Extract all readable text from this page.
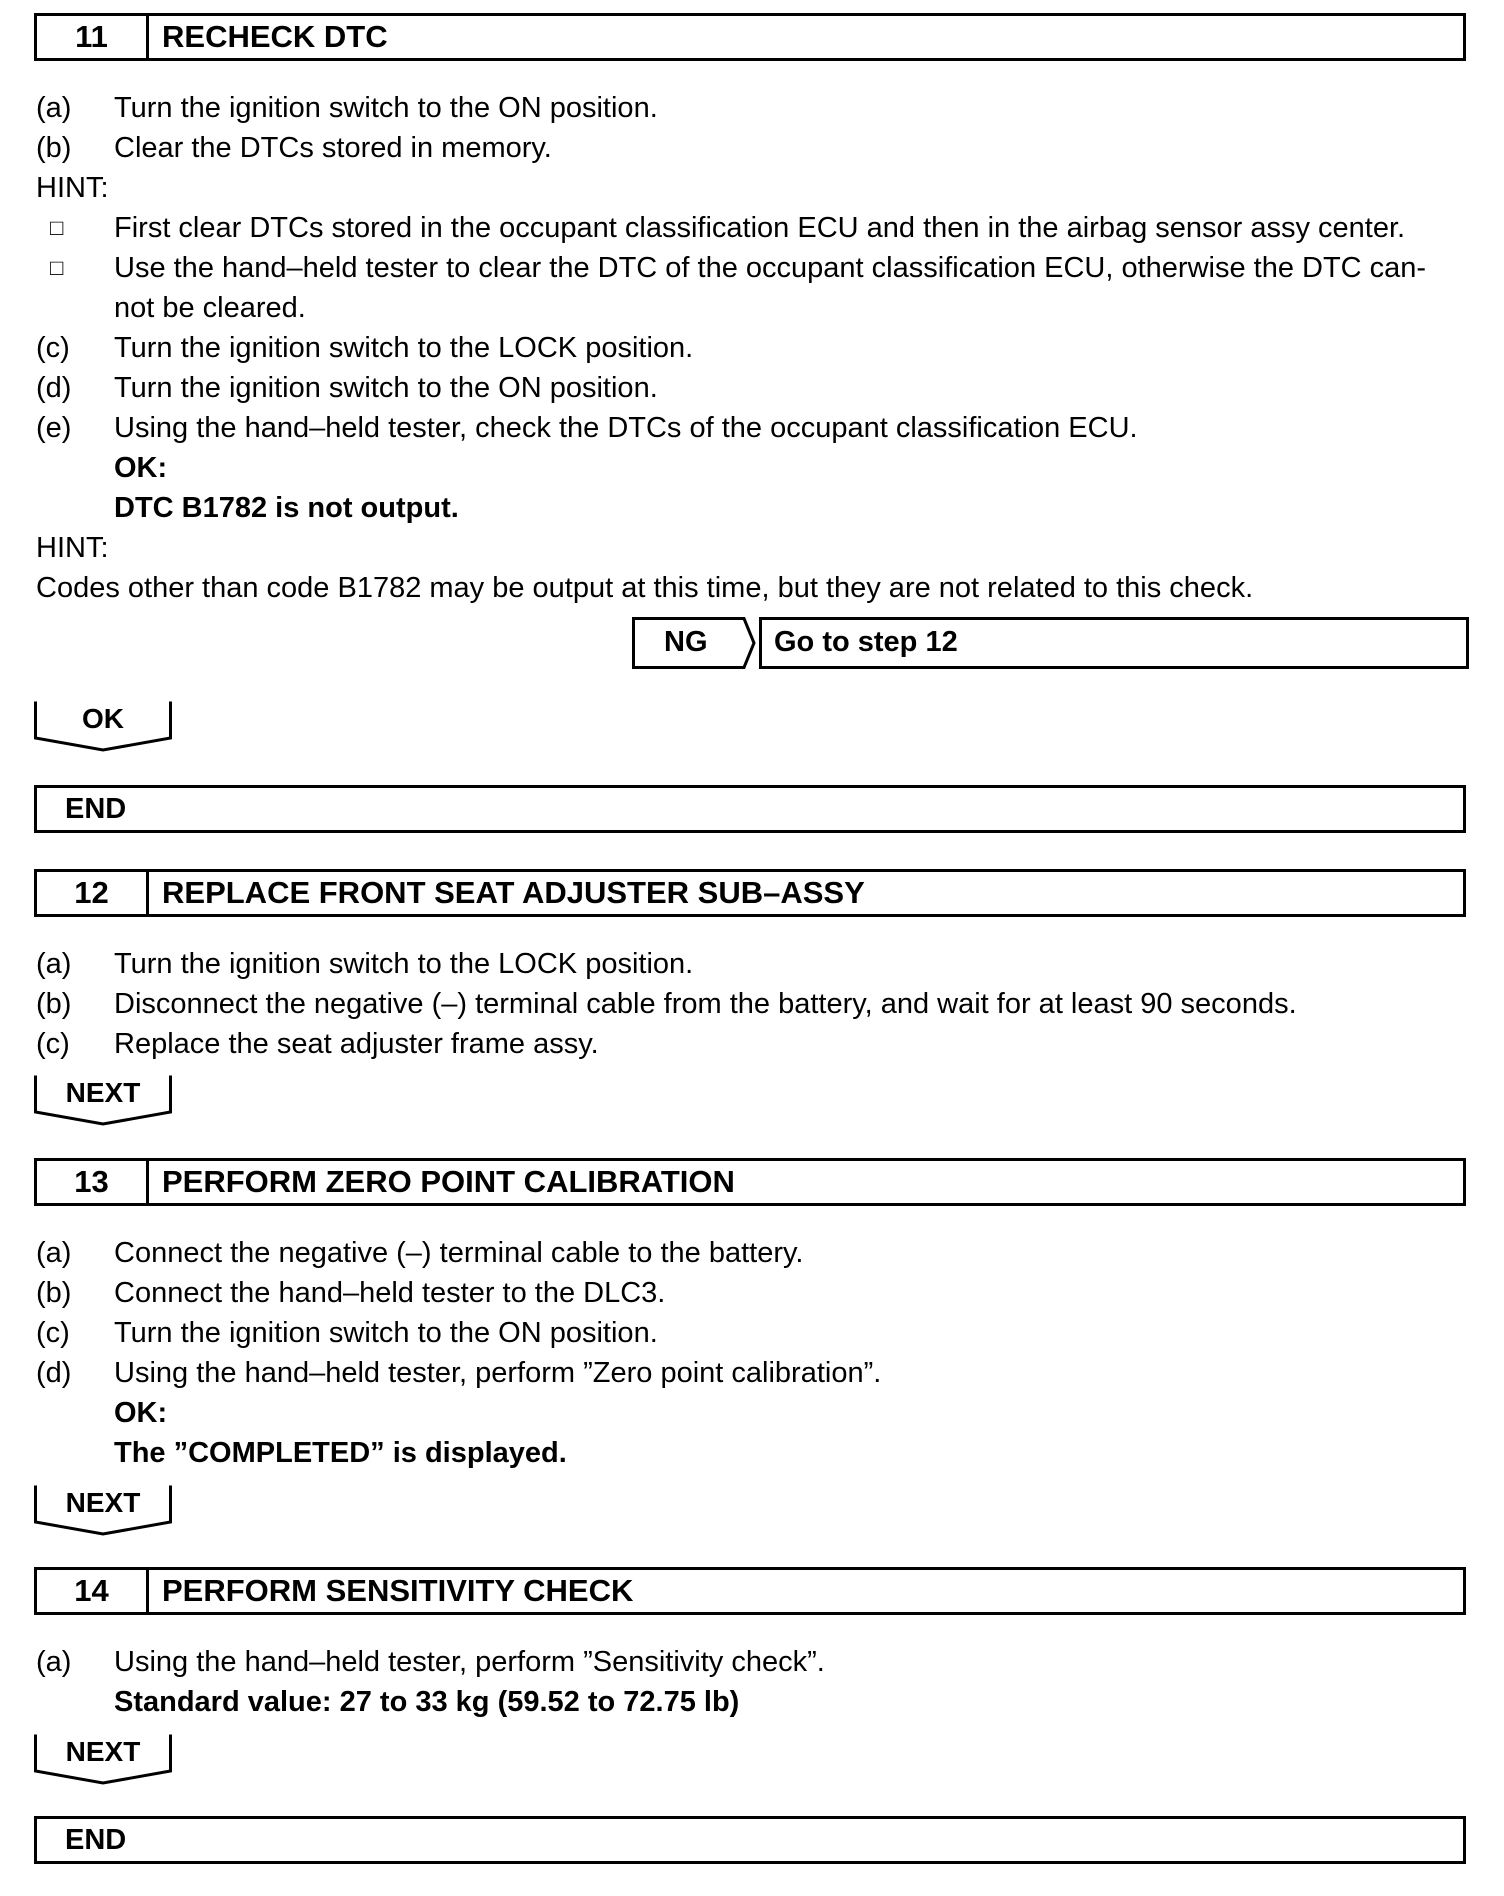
11	RECHECK DTC
(a) Turn the ignition switch to the ON position.
(b) Clear the DTCs stored in memory.
HINT:
□ First clear DTCs stored in the occupant classification ECU and then in the airbag sensor assy center.
□ Use the hand–held tester to clear the DTC of the occupant classification ECU, otherwise the DTC can-
not be cleared.
(c) Turn the ignition switch to the LOCK position.
(d) Turn the ignition switch to the ON position.
(e) Using the hand–held tester, check the DTCs of the occupant classification ECU.
OK:
DTC B1782 is not output.
HINT:
Codes other than code B1782 may be output at this time, but they are not related to this check.
NG Go to step 12
OK
END
12	REPLACE FRONT SEAT ADJUSTER SUB–ASSY
(a) Turn the ignition switch to the LOCK position.
(b) Disconnect the negative (–) terminal cable from the battery, and wait for at least 90 seconds.
(c) Replace the seat adjuster frame assy.
NEXT
13	PERFORM ZERO POINT CALIBRATION
(a) Connect the negative (–) terminal cable to the battery.
(b) Connect the hand–held tester to the DLC3.
(c) Turn the ignition switch to the ON position.
(d) Using the hand–held tester, perform ”Zero point calibration”.
OK:
The ”COMPLETED” is displayed.
NEXT
14	PERFORM SENSITIVITY CHECK
(a) Using the hand–held tester, perform ”Sensitivity check”.
Standard value: 27 to 33 kg (59.52 to 72.75 lb)
NEXT
END
